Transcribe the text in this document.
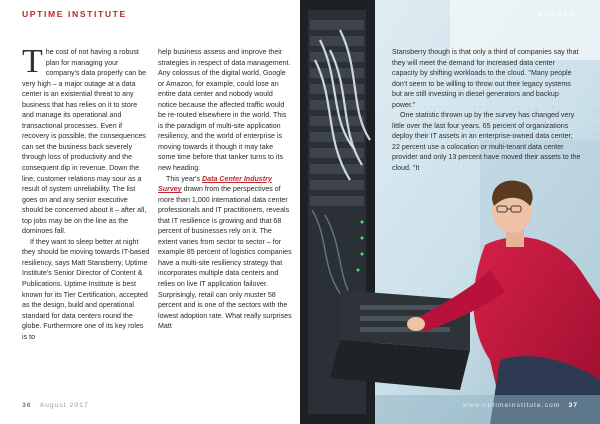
UPTIME INSTITUTE

The cost of not having a robust plan for managing your company's data properly can be very high – a major outage at a data center is an existential threat to any business that has relies on it to store and manage its operational and transactional processes. Even if recovery is possible, the consequences can set the business back severely through loss of productivity and the consequent dip in revenue. Down the line, customer relations may sour as a result of system unreliability. The list goes on and any senior executive should be concerned about it – after all, top jobs may be on the line as the dominoes fall.

If they want to sleep better at night they should be moving towards IT-based resiliency, says Matt Stansberry, Uptime Institute's Senior Director of Content & Publications. Uptime Institute is best known for its Tier Certification, accepted as the design, build and operational standard for data centers round the globe. Furthermore one of its key roles is to

help business assess and improve their strategies in respect of data management. Any colossus of the digital world, Google or Amazon, for example, could lose an entire data center and nobody would notice because the affected traffic would be re-routed elsewhere in the world. This is the paradigm of multi-site application resiliency, and the world of enterprise is moving towards it though it may take some time before that tanker turns to its new heading.

This year's Data Center Industry Survey drawn from the perspectives of more than 1,000 international data center professionals and IT practitioners, reveals that IT resilience is growing and that 68 percent of businesses rely on it. The extent varies from sector to sector – for example 85 percent of logistics companies have a multi-site resiliency strategy that incorporates multiple data centers and relies on live IT application failover. Surprisingly, retail can only muster 58 percent and is one of the sectors with the lowest adoption rate. What really surprises Matt

36 August 2017
EVENTS

Stansberry though is that only a third of companies say that they will meet the demand for increased data center capacity by shifting workloads to the cloud. "Many people don't seem to be willing to throw out their legacy systems but are still investing in diesel generators and backup power."

One statistic thrown up by the survey has changed very little over the last four years. 65 percent of organizations deploy their IT assets in an enterprise-owned data center; 22 percent use a colocation or multi-tenant data center provider and only 13 percent have moved their assets to the cloud. "It

www.uptimeinstitute.com 37
